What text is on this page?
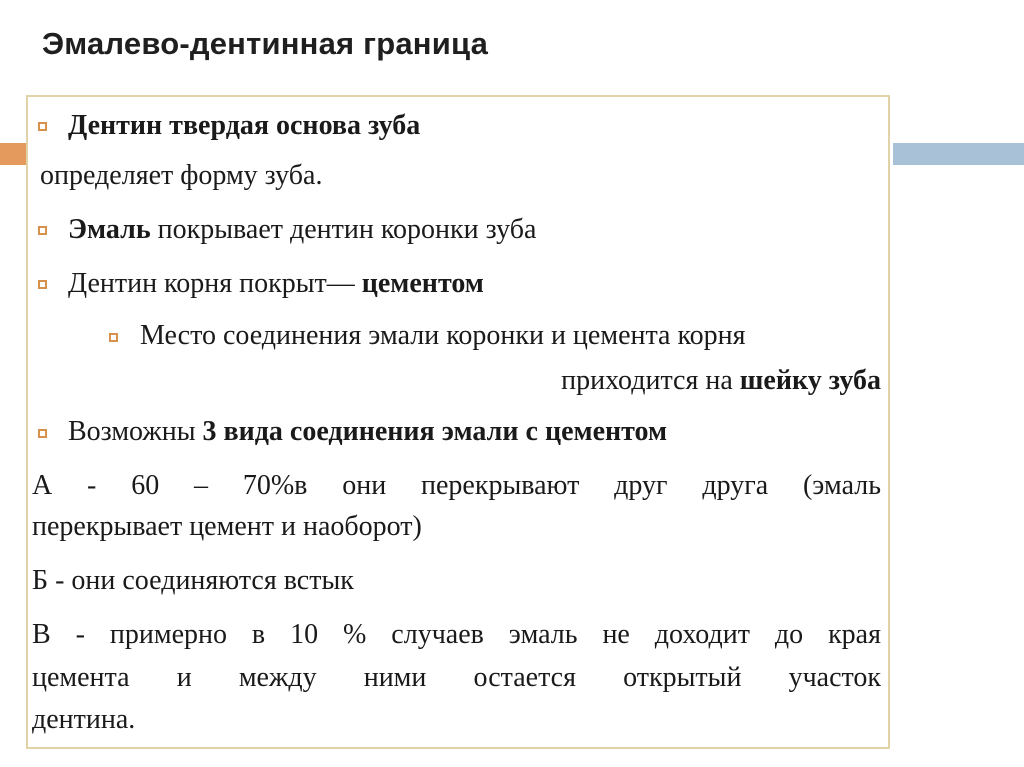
Эмалево-дентинная граница
Дентин твердая основа зуба
определяет форму зуба.
Эмаль покрывает дентин коронки зуба
Дентин корня покрыт— цементом
Место соединения эмали коронки и цемента корня
приходится на шейку зуба
Возможны 3 вида соединения эмали с цементом
А - 60 – 70%в они перекрывают друг друга (эмаль
перекрывает цемент и наоборот)
Б - они соединяются встык
В - примерно в 10 % случаев эмаль не доходит до края
цемента и между ними остается открытый участок
дентина.
